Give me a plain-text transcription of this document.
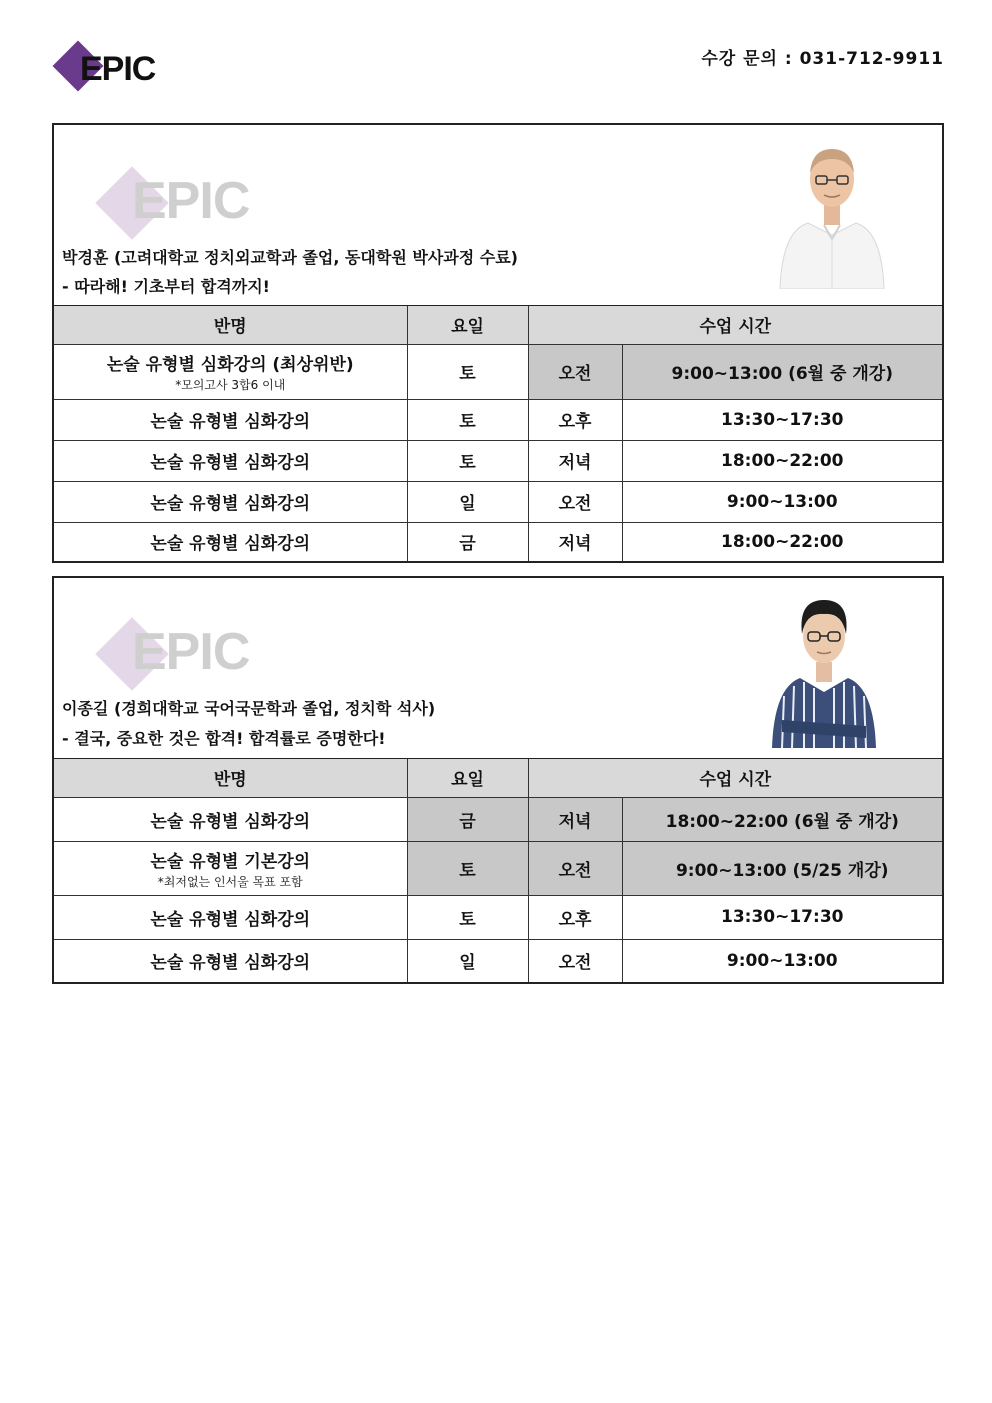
EPIC	수강 문의 : 031-712-9911
EPIC
박경훈 (고려대학교 정치외교학과 졸업, 동대학원 박사과정 수료)
- 따라해! 기초부터 합격까지!
반명	요일	수업 시간	
논술 유형별 심화강의 (최상위반)
*모의고사 3합6 이내	토	오전	9:00~13:00 (6월 중 개강)
논술 유형별 심화강의	토	오후	13:30~17:30
논술 유형별 심화강의	토	저녁	18:00~22:00
논술 유형별 심화강의	일	오전	9:00~13:00
논술 유형별 심화강의	금	저녁	18:00~22:00
EPIC
이종길 (경희대학교 국어국문학과 졸업, 정치학 석사)
- 결국, 중요한 것은 합격! 합격률로 증명한다!
반명	요일	수업 시간	
논술 유형별 심화강의	금	저녁	18:00~22:00 (6월 중 개강)
논술 유형별 기본강의
*최저없는 인서울 목표 포함	토	오전	9:00~13:00 (5/25 개강)
논술 유형별 심화강의	토	오후	13:30~17:30
논술 유형별 심화강의	일	오전	9:00~13:00
